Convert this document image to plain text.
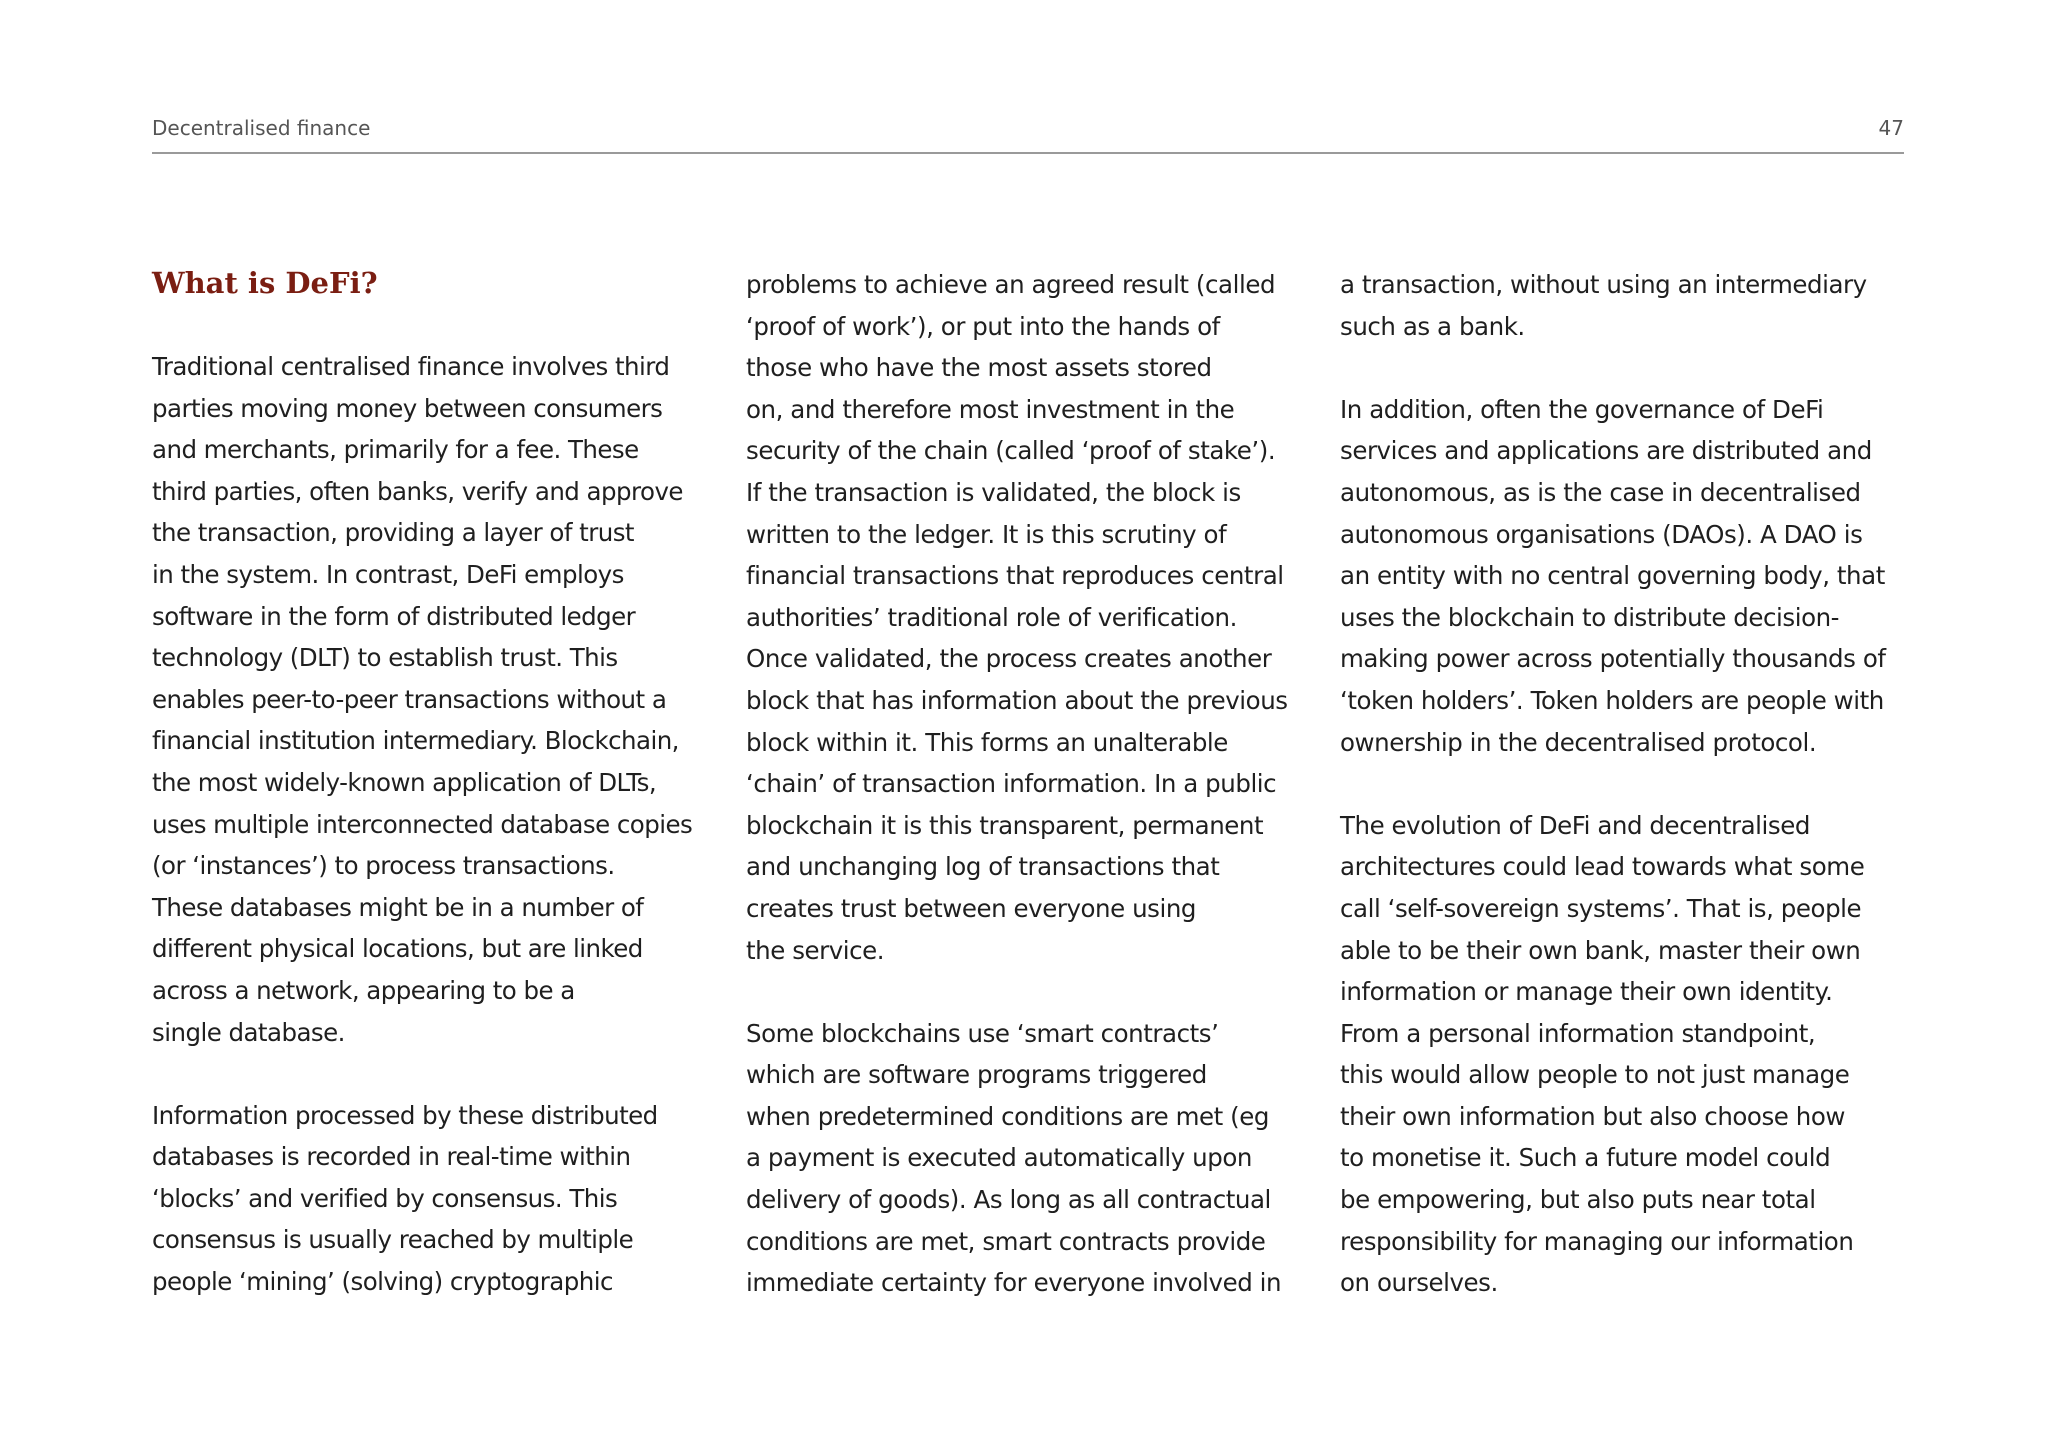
Decentralised finance	47
What is DeFi?

Traditional centralised finance involves third
parties moving money between consumers
and merchants, primarily for a fee. These
third parties, often banks, verify and approve
the transaction, providing a layer of trust
in the system. In contrast, DeFi employs
software in the form of distributed ledger
technology (DLT) to establish trust. This
enables peer-to-peer transactions without a
financial institution intermediary. Blockchain,
the most widely-known application of DLTs,
uses multiple interconnected database copies
(or ‘instances’) to process transactions.
These databases might be in a number of
different physical locations, but are linked
across a network, appearing to be a
single database.

Information processed by these distributed
databases is recorded in real-time within
‘blocks’ and verified by consensus. This
consensus is usually reached by multiple
people ‘mining’ (solving) cryptographic

problems to achieve an agreed result (called
‘proof of work’), or put into the hands of
those who have the most assets stored
on, and therefore most investment in the
security of the chain (called ‘proof of stake’).
If the transaction is validated, the block is
written to the ledger. It is this scrutiny of
financial transactions that reproduces central
authorities’ traditional role of verification.
Once validated, the process creates another
block that has information about the previous
block within it. This forms an unalterable
‘chain’ of transaction information. In a public
blockchain it is this transparent, permanent
and unchanging log of transactions that
creates trust between everyone using
the service.

Some blockchains use ‘smart contracts’
which are software programs triggered
when predetermined conditions are met (eg
a payment is executed automatically upon
delivery of goods). As long as all contractual
conditions are met, smart contracts provide
immediate certainty for everyone involved in

a transaction, without using an intermediary
such as a bank.

In addition, often the governance of DeFi
services and applications are distributed and
autonomous, as is the case in decentralised
autonomous organisations (DAOs). A DAO is
an entity with no central governing body, that
uses the blockchain to distribute decision-
making power across potentially thousands of
‘token holders’. Token holders are people with
ownership in the decentralised protocol.

The evolution of DeFi and decentralised
architectures could lead towards what some
call ‘self-sovereign systems’. That is, people
able to be their own bank, master their own
information or manage their own identity.
From a personal information standpoint,
this would allow people to not just manage
their own information but also choose how
to monetise it. Such a future model could
be empowering, but also puts near total
responsibility for managing our information
on ourselves.
